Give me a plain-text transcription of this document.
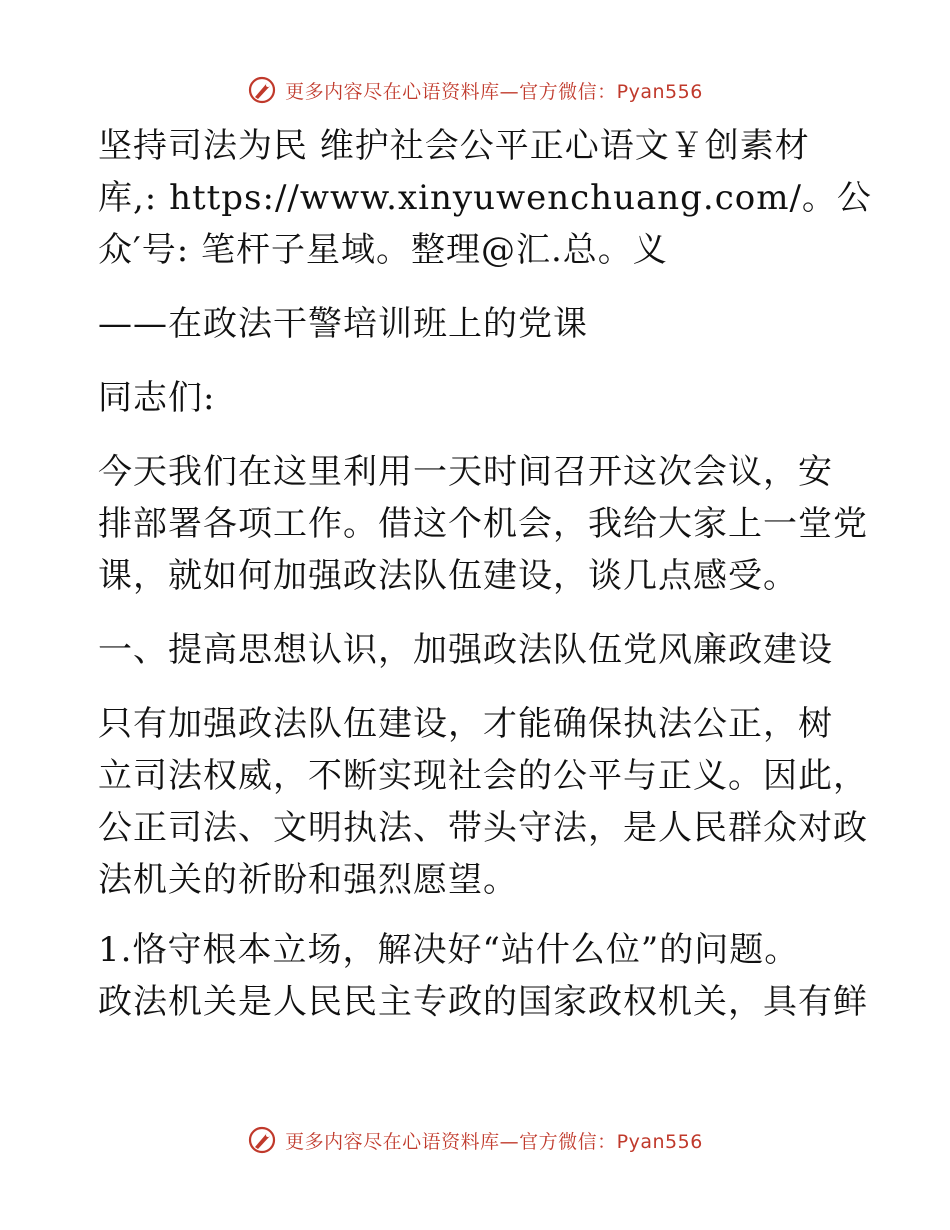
更多内容尽在心语资料库—官方微信：Pyan556
坚持司法为民 维护社会公平正心语文￥创素材
库,: https://www.xinyuwenchuang.com/。公
众′号: 笔杆子星域。整理@汇.总。义
——在政法干警培训班上的党课
同志们:
今天我们在这里利用一天时间召开这次会议，安
排部署各项工作。借这个机会，我给大家上一堂党
课，就如何加强政法队伍建设，谈几点感受。
一、提高思想认识，加强政法队伍党风廉政建设
只有加强政法队伍建设，才能确保执法公正，树
立司法权威，不断实现社会的公平与正义。因此，
公正司法、文明执法、带头守法，是人民群众对政
法机关的祈盼和强烈愿望。
1.恪守根本立场，解决好“站什么位”的问题。
政法机关是人民民主专政的国家政权机关，具有鲜
更多内容尽在心语资料库—官方微信：Pyan556
